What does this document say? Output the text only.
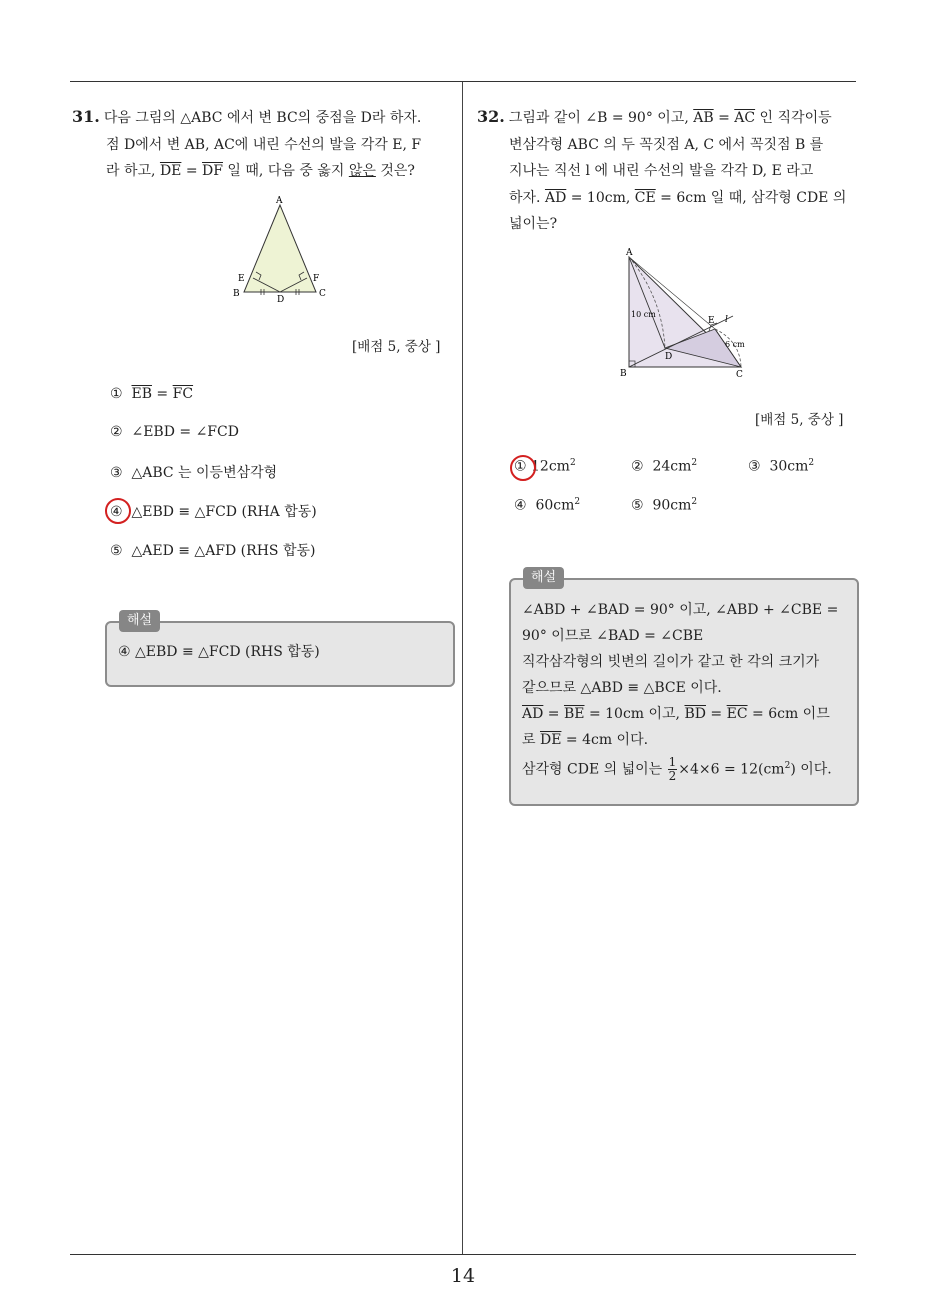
14
31. 다음 그림의 △ABC 에서 변 BC의 중점을 D라 하자.
점 D에서 변 AB, AC에 내린 수선의 발을 각각 E, F
라 하고, $\overline{DE} = \overline{DF}$ 일 때, 다음 중 옳지 않은 것은?
A
B	C
D
E	F
[배점 5, 중상 ]
① $\overline{EB} = \overline{FC}$
② ∠EBD = ∠FCD
③ △ABC 는 이등변삼각형
④ △EBD ≡ △FCD (RHA 합동)
⑤ △AED ≡ △AFD (RHS 합동)
해설
④ △EBD ≡ △FCD (RHS 합동)
32. 그림과 같이 ∠B = 90° 이고, $\overline{AB} = \overline{AC}$ 인 직각이등
변삼각형 ABC 의 두 꼭짓점 A, C 에서 꼭짓점 B 를
지나는 직선 l 에 내린 수선의 발을 각각 D, E 라고
하자. $\overline{AD} = 10cm$, $\overline{CE} = 6cm$ 일 때, 삼각형 CDE 의
넓이는?
A
B	C
D
E l
10 cm
6 cm
[배점 5, 중상 ]
① $12cm^2$	② $24cm^2$	③ $30cm^2$
④ $60cm^2$	⑤ $90cm^2$
해설
∠ABD + ∠BAD = 90° 이고, ∠ABD + ∠CBE =
90° 이므로 ∠BAD = ∠CBE
직각삼각형의 빗변의 길이가 같고 한 각의 크기가
같으므로 △ABD ≡ △BCE 이다.
$\overline{AD} = \overline{BE} = 10cm$ 이고, $\overline{BD} = \overline{EC} = 6cm$ 이므
로 $\overline{DE} = 4cm$ 이다.
삼각형 CDE 의 넓이는 $\frac{1}{2} \times 4\times 6 = 12(cm^2)$ 이다.
